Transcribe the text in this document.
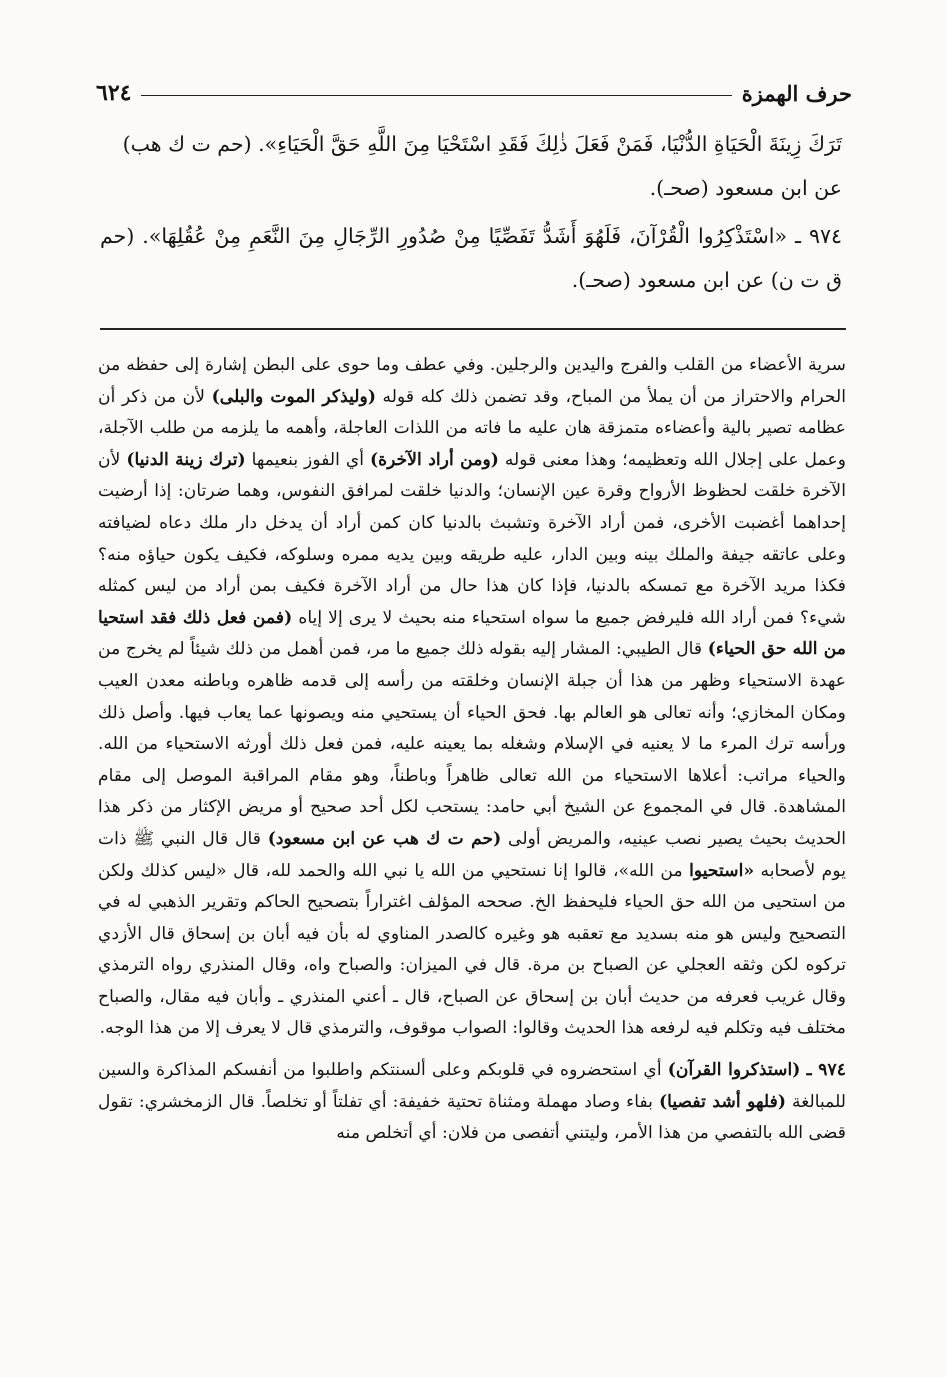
حرف الهمزة
٦٢٤

تَرَكَ زِينَةَ الْحَيَاةِ الدُّنْيَا، فَمَنْ فَعَلَ ذٰلِكَ فَقَدِ اسْتَحْيَا مِنَ اللَّهِ حَقَّ الْحَيَاءِ». (حم ت ك هب)

عن ابن مسعود (صحـ).

٩٧٤ ـ «اسْتَذْكِرُوا الْقُرْآنَ، فَلَهُوَ أَشَدُّ تَفَصِّيًا مِنْ صُدُورِ الرِّجَالِ مِنَ النَّعَمِ مِنْ عُقُلِهَا». (حم ق ت ن) عن ابن مسعود (صحـ).

سرية الأعضاء من القلب والفرج واليدين والرجلين. وفي عطف وما حوى على البطن إشارة إلى حفظه من الحرام والاحتراز من أن يملأ من المباح، وقد تضمن ذلك كله قوله (وليذكر الموت والبلى) لأن من ذكر أن عظامه تصير بالية وأعضاءه متمزقة هان عليه ما فاته من اللذات العاجلة، وأهمه ما يلزمه من طلب الآجلة، وعمل على إجلال الله وتعظيمه؛ وهذا معنى قوله (ومن أراد الآخرة) أي الفوز بنعيمها (ترك زينة الدنيا) لأن الآخرة خلقت لحظوظ الأرواح وقرة عين الإنسان؛ والدنيا خلقت لمرافق النفوس، وهما ضرتان: إذا أرضيت إحداهما أغضبت الأخرى، فمن أراد الآخرة وتشبث بالدنيا كان كمن أراد أن يدخل دار ملك دعاه لضيافته وعلى عاتقه جيفة والملك بينه وبين الدار، عليه طريقه وبين يديه ممره وسلوكه، فكيف يكون حياؤه منه؟ فكذا مريد الآخرة مع تمسكه بالدنيا، فإذا كان هذا حال من أراد الآخرة فكيف بمن أراد من ليس كمثله شيء؟ فمن أراد الله فليرفض جميع ما سواه استحياء منه بحيث لا يرى إلا إياه (فمن فعل ذلك فقد استحيا من الله حق الحياء) قال الطيبي: المشار إليه بقوله ذلك جميع ما مر، فمن أهمل من ذلك شيئاً لم يخرج من عهدة الاستحياء وظهر من هذا أن جبلة الإنسان وخلقته من رأسه إلى قدمه ظاهره وباطنه معدن العيب ومكان المخازي؛ وأنه تعالى هو العالم بها. فحق الحياء أن يستحيي منه ويصونها عما يعاب فيها. وأصل ذلك ورأسه ترك المرء ما لا يعنيه في الإسلام وشغله بما يعينه عليه، فمن فعل ذلك أورثه الاستحياء من الله. والحياء مراتب: أعلاها الاستحياء من الله تعالى ظاهراً وباطناً، وهو مقام المراقبة الموصل إلى مقام المشاهدة. قال في المجموع عن الشيخ أبي حامد: يستحب لكل أحد صحيح أو مريض الإكثار من ذكر هذا الحديث بحيث يصير نصب عينيه، والمريض أولى (حم ت ك هب عن ابن مسعود) قال قال النبي ﷺ ذات يوم لأصحابه «استحيوا من الله»، قالوا إنا نستحيي من الله يا نبي الله والحمد لله، قال «ليس كذلك ولكن من استحيى من الله حق الحياء فليحفظ الخ. صححه المؤلف اغتراراً بتصحيح الحاكم وتقرير الذهبي له في التصحيح وليس هو منه بسديد مع تعقبه هو وغيره كالصدر المناوي له بأن فيه أبان بن إسحاق قال الأزدي تركوه لكن وثقه العجلي عن الصباح بن مرة. قال في الميزان: والصباح واه، وقال المنذري رواه الترمذي وقال غريب فعرفه من حديث أبان بن إسحاق عن الصباح، قال ـ أعني المنذري ـ وأبان فيه مقال، والصباح مختلف فيه وتكلم فيه لرفعه هذا الحديث وقالوا: الصواب موقوف، والترمذي قال لا يعرف إلا من هذا الوجه.

٩٧٤ ـ (استذكروا القرآن) أي استحضروه في قلوبكم وعلى ألسنتكم واطلبوا من أنفسكم المذاكرة والسين للمبالغة (فلهو أشد تفصيا) بفاء وصاد مهملة ومثناة تحتية خفيفة: أي تفلتاً أو تخلصاً. قال الزمخشري: تقول قضى الله بالتفصي من هذا الأمر، وليتني أتفصى من فلان: أي أتخلص منه
